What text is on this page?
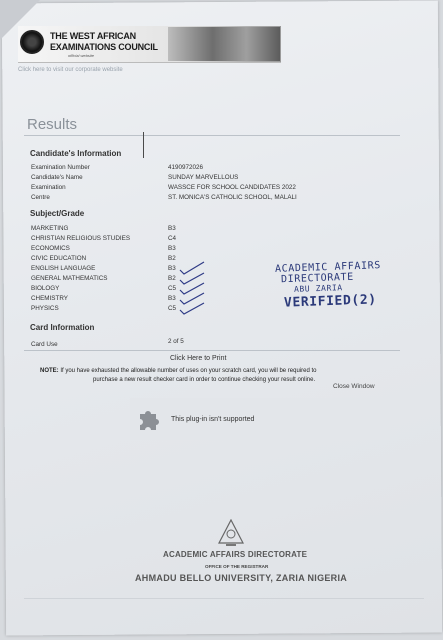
THE WEST AFRICAN
EXAMINATIONS COUNCIL
official website
Click here to visit our corporate website
Results
Candidate's Information
Examination Number	4190972026
Candidate's Name	SUNDAY MARVELLOUS
Examination	WASSCE FOR SCHOOL CANDIDATES 2022
Centre	ST. MONICA'S CATHOLIC SCHOOL, MALALI
Subject/Grade
MARKETING	B3
CHRISTIAN RELIGIOUS STUDIES	C4
ECONOMICS	B3
CIVIC EDUCATION	B2
ENGLISH LANGUAGE	B3
GENERAL MATHEMATICS	B2
BIOLOGY	C5
CHEMISTRY	B3
PHYSICS	C5
ACADEMIC AFFAIRS
DIRECTORATE
ABU ZARIA
VERIFIED(2)
Card Information
Card Use	2 of 5
Click Here to Print
NOTE: If you have exhausted the allowable number of uses on your scratch card, you will be required to
purchase a new result checker card in order to continue checking your result online.
Close Window
This plug-in isn't supported
ACADEMIC AFFAIRS DIRECTORATE
OFFICE OF THE REGISTRAR
AHMADU BELLO UNIVERSITY, ZARIA NIGERIA
